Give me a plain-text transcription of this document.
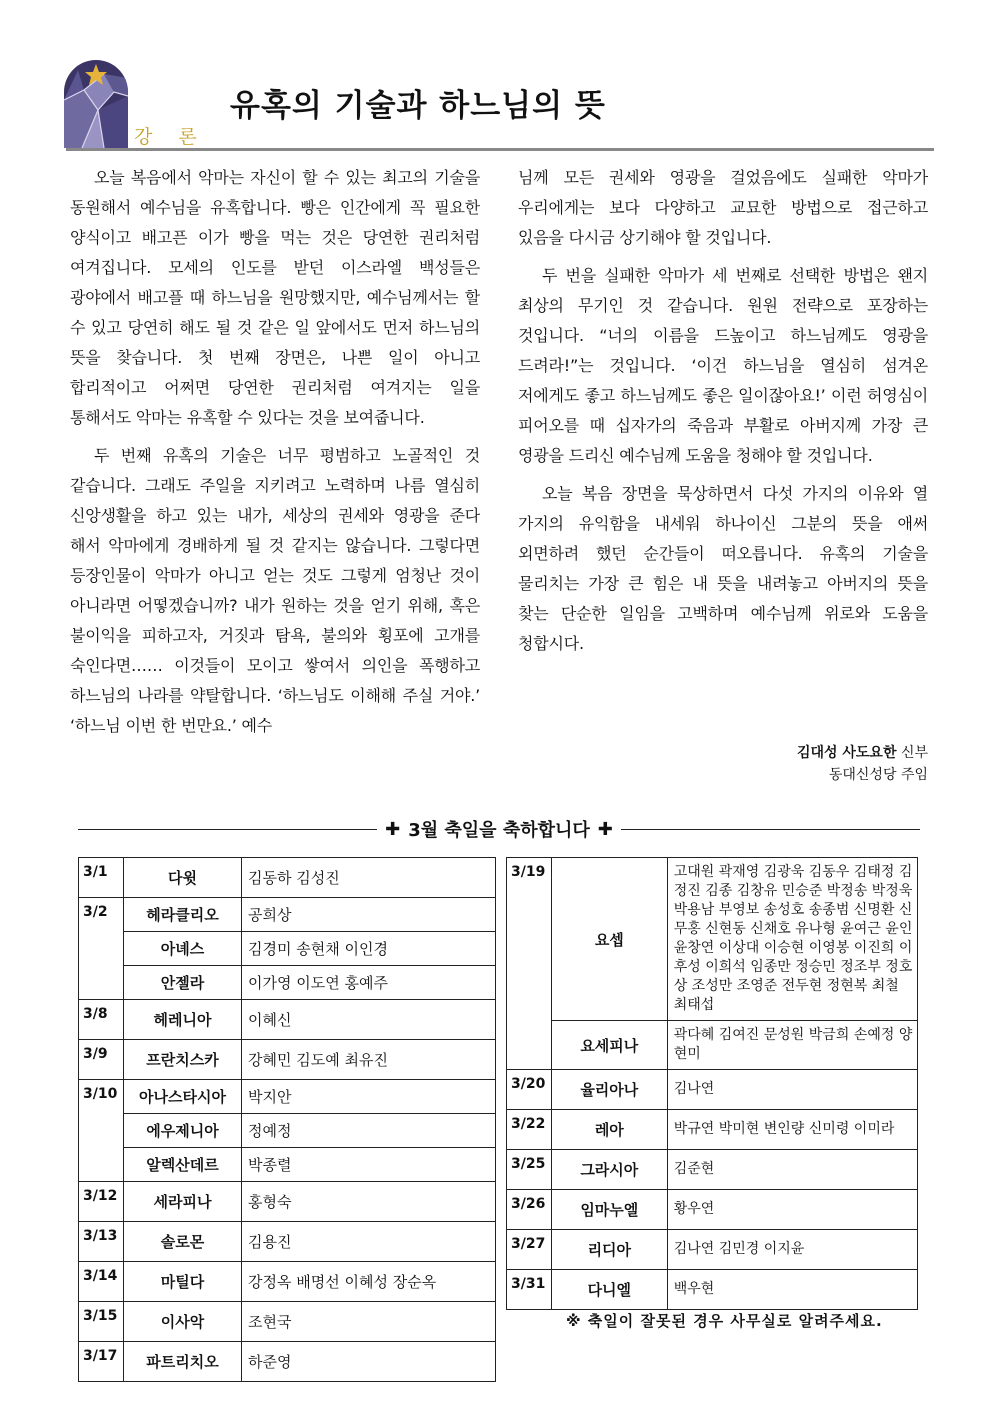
강 론
유혹의 기술과 하느님의 뜻

오늘 복음에서 악마는 자신이 할 수 있는 최고의 기술을 동원해서 예수님을 유혹합니다. 빵은 인간에게 꼭 필요한 양식이고 배고픈 이가 빵을 먹는 것은 당연한 권리처럼 여겨집니다. 모세의 인도를 받던 이스라엘 백성들은 광야에서 배고플 때 하느님을 원망했지만, 예수님께서는 할 수 있고 당연히 해도 될 것 같은 일 앞에서도 먼저 하느님의 뜻을 찾습니다. 첫 번째 장면은, 나쁜 일이 아니고 합리적이고 어쩌면 당연한 권리처럼 여겨지는 일을 통해서도 악마는 유혹할 수 있다는 것을 보여줍니다.

두 번째 유혹의 기술은 너무 평범하고 노골적인 것 같습니다. 그래도 주일을 지키려고 노력하며 나름 열심히 신앙생활을 하고 있는 내가, 세상의 권세와 영광을 준다 해서 악마에게 경배하게 될 것 같지는 않습니다. 그렇다면 등장인물이 악마가 아니고 얻는 것도 그렇게 엄청난 것이 아니라면 어떻겠습니까? 내가 원하는 것을 얻기 위해, 혹은 불이익을 피하고자, 거짓과 탐욕, 불의와 횡포에 고개를 숙인다면…… 이것들이 모이고 쌓여서 의인을 폭행하고 하느님의 나라를 약탈합니다. ‘하느님도 이해해 주실 거야.’ ‘하느님 이번 한 번만요.’ 예수

님께 모든 권세와 영광을 걸었음에도 실패한 악마가 우리에게는 보다 다양하고 교묘한 방법으로 접근하고 있음을 다시금 상기해야 할 것입니다.

두 번을 실패한 악마가 세 번째로 선택한 방법은 왠지 최상의 무기인 것 같습니다. 원원 전략으로 포장하는 것입니다. “너의 이름을 드높이고 하느님께도 영광을 드려라!”는 것입니다. ‘이건 하느님을 열심히 섬겨온 저에게도 좋고 하느님께도 좋은 일이잖아요!’ 이런 허영심이 피어오를 때 십자가의 죽음과 부활로 아버지께 가장 큰 영광을 드리신 예수님께 도움을 청해야 할 것입니다.

오늘 복음 장면을 묵상하면서 다섯 가지의 이유와 열 가지의 유익함을 내세워 하나이신 그분의 뜻을 애써 외면하려 했던 순간들이 떠오릅니다. 유혹의 기술을 물리치는 가장 큰 힘은 내 뜻을 내려놓고 아버지의 뜻을 찾는 단순한 일임을 고백하며 예수님께 위로와 도움을 청합시다.

김대성 사도요한 신부
동대신성당 주임
✚ 3월 축일을 축하합니다 ✚
3/1	다윗	김동하 김성진
3/2	헤라클리오	공희상
	아녜스	김경미 송현채 이인경
	안젤라	이가영 이도연 홍예주
3/8	헤레니아	이혜신
3/9	프란치스카	강혜민 김도예 최유진
3/10	아나스타시아	박지안
	에우제니아	정예정
	알렉산데르	박종렬
3/12	세라피나	홍형숙
3/13	솔로몬	김용진
3/14	마틸다	강정옥 배명선 이혜성 장순옥
3/15	이사악	조현국
3/17	파트리치오	하준영
3/19	요셉	고대원 곽재영 김광욱 김동우 김태정 김정진 김종 김창유 민승준 박정송 박정욱 박용남 부영보 송성호 송종범 신명환 신무홍 신현동 신채호 유나형 윤여근 윤인 윤창연 이상대 이승현 이영봉 이진희 이후성 이희석 임종만 정승민 정조부 정호상 조성만 조영준 전두현 정현복 최철 최태섭
	요세피나	곽다혜 김여진 문성원 박금희 손예정 양현미
3/20	율리아나	김나연
3/22	레아	박규연 박미현 변인량 신미령 이미라
3/25	그라시아	김준현
3/26	임마누엘	황우연
3/27	리디아	김나연 김민경 이지윤
3/31	다니엘	백우현
※ 축일이 잘못된 경우 사무실로 알려주세요.
